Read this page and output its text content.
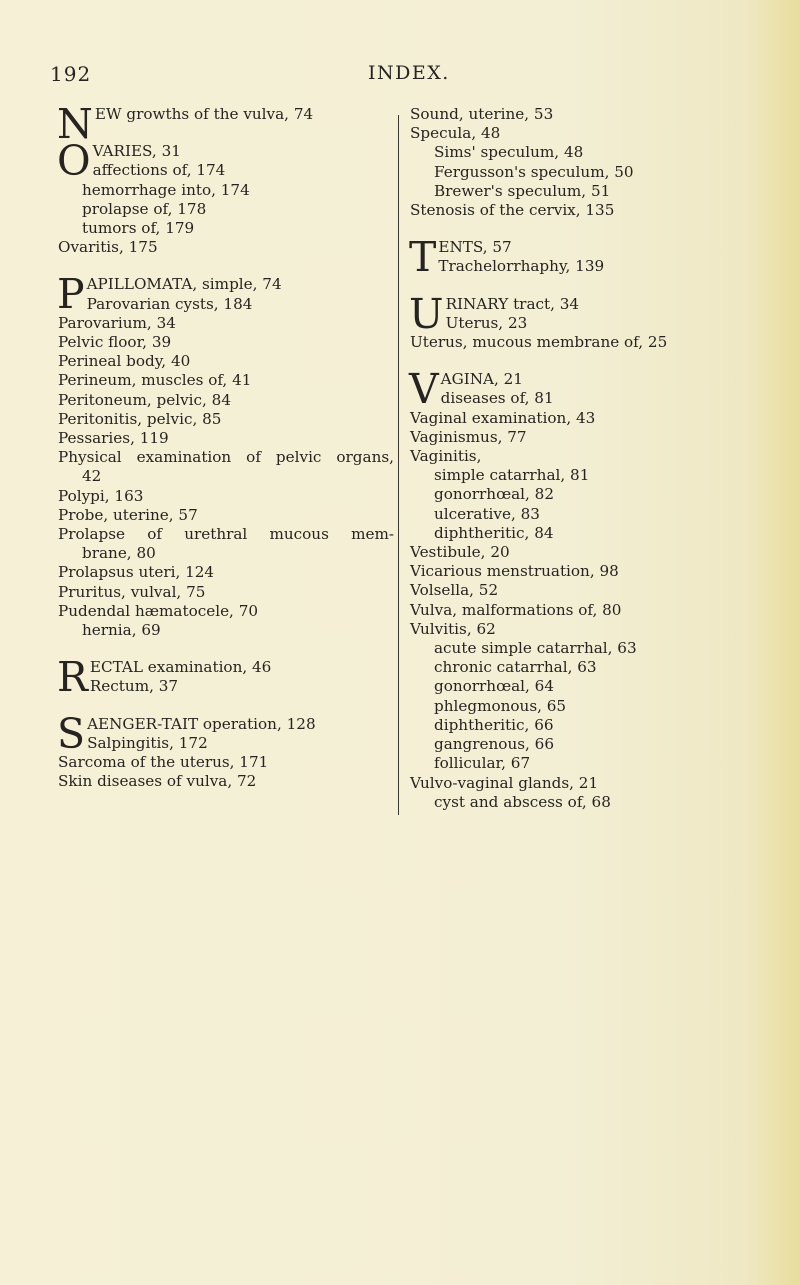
192	INDEX.
N EW growths of the vulva, 74
O VARIES, 31
affections of, 174
hemorrhage into, 174
prolapse of, 178
tumors of, 179
Ovaritis, 175
P APILLOMATA, simple, 74
Parovarian cysts, 184
Parovarium, 34
Pelvic floor, 39
Perineal body, 40
Perineum, muscles of, 41
Peritoneum, pelvic, 84
Peritonitis, pelvic, 85
Pessaries, 119
Physical examination of pelvic organs,
42
Polypi, 163
Probe, uterine, 57
Prolapse of urethral mucous mem-
brane, 80
Prolapsus uteri, 124
Pruritus, vulval, 75
Pudendal hæmatocele, 70
hernia, 69
R ECTAL examination, 46
Rectum, 37
S AENGER-TAIT operation, 128
Salpingitis, 172
Sarcoma of the uterus, 171
Skin diseases of vulva, 72
Sound, uterine, 53
Specula, 48
Sims' speculum, 48
Fergusson's speculum, 50
Brewer's speculum, 51
Stenosis of the cervix, 135
T ENTS, 57
Trachelorrhaphy, 139
U RINARY tract, 34
Uterus, 23
Uterus, mucous membrane of, 25
V AGINA, 21
diseases of, 81
Vaginal examination, 43
Vaginismus, 77
Vaginitis,
simple catarrhal, 81
gonorrhœal, 82
ulcerative, 83
diphtheritic, 84
Vestibule, 20
Vicarious menstruation, 98
Volsella, 52
Vulva, malformations of, 80
Vulvitis, 62
acute simple catarrhal, 63
chronic catarrhal, 63
gonorrhœal, 64
phlegmonous, 65
diphtheritic, 66
gangrenous, 66
follicular, 67
Vulvo-vaginal glands, 21
cyst and abscess of, 68
